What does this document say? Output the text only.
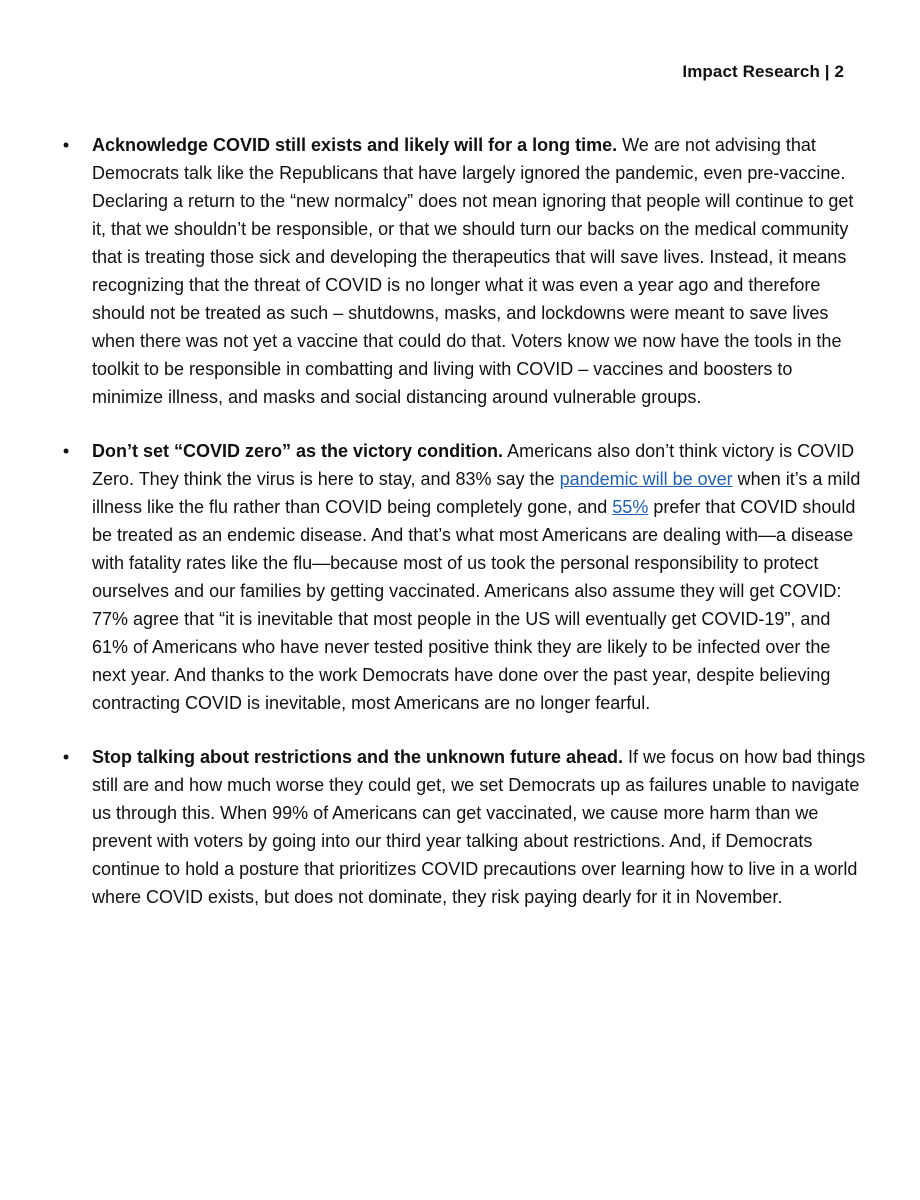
Impact Research | 2
• Acknowledge COVID still exists and likely will for a long time. We are not advising that Democrats talk like the Republicans that have largely ignored the pandemic, even pre-vaccine. Declaring a return to the “new normalcy” does not mean ignoring that people will continue to get it, that we shouldn’t be responsible, or that we should turn our backs on the medical community that is treating those sick and developing the therapeutics that will save lives. Instead, it means recognizing that the threat of COVID is no longer what it was even a year ago and therefore should not be treated as such – shutdowns, masks, and lockdowns were meant to save lives when there was not yet a vaccine that could do that. Voters know we now have the tools in the toolkit to be responsible in combatting and living with COVID – vaccines and boosters to minimize illness, and masks and social distancing around vulnerable groups.
• Don’t set “COVID zero” as the victory condition. Americans also don’t think victory is COVID Zero. They think the virus is here to stay, and 83% say the pandemic will be over when it’s a mild illness like the flu rather than COVID being completely gone, and 55% prefer that COVID should be treated as an endemic disease. And that’s what most Americans are dealing with—a disease with fatality rates like the flu—because most of us took the personal responsibility to protect ourselves and our families by getting vaccinated. Americans also assume they will get COVID: 77% agree that “it is inevitable that most people in the US will eventually get COVID-19”, and 61% of Americans who have never tested positive think they are likely to be infected over the next year. And thanks to the work Democrats have done over the past year, despite believing contracting COVID is inevitable, most Americans are no longer fearful.
• Stop talking about restrictions and the unknown future ahead. If we focus on how bad things still are and how much worse they could get, we set Democrats up as failures unable to navigate us through this. When 99% of Americans can get vaccinated, we cause more harm than we prevent with voters by going into our third year talking about restrictions. And, if Democrats continue to hold a posture that prioritizes COVID precautions over learning how to live in a world where COVID exists, but does not dominate, they risk paying dearly for it in November.
